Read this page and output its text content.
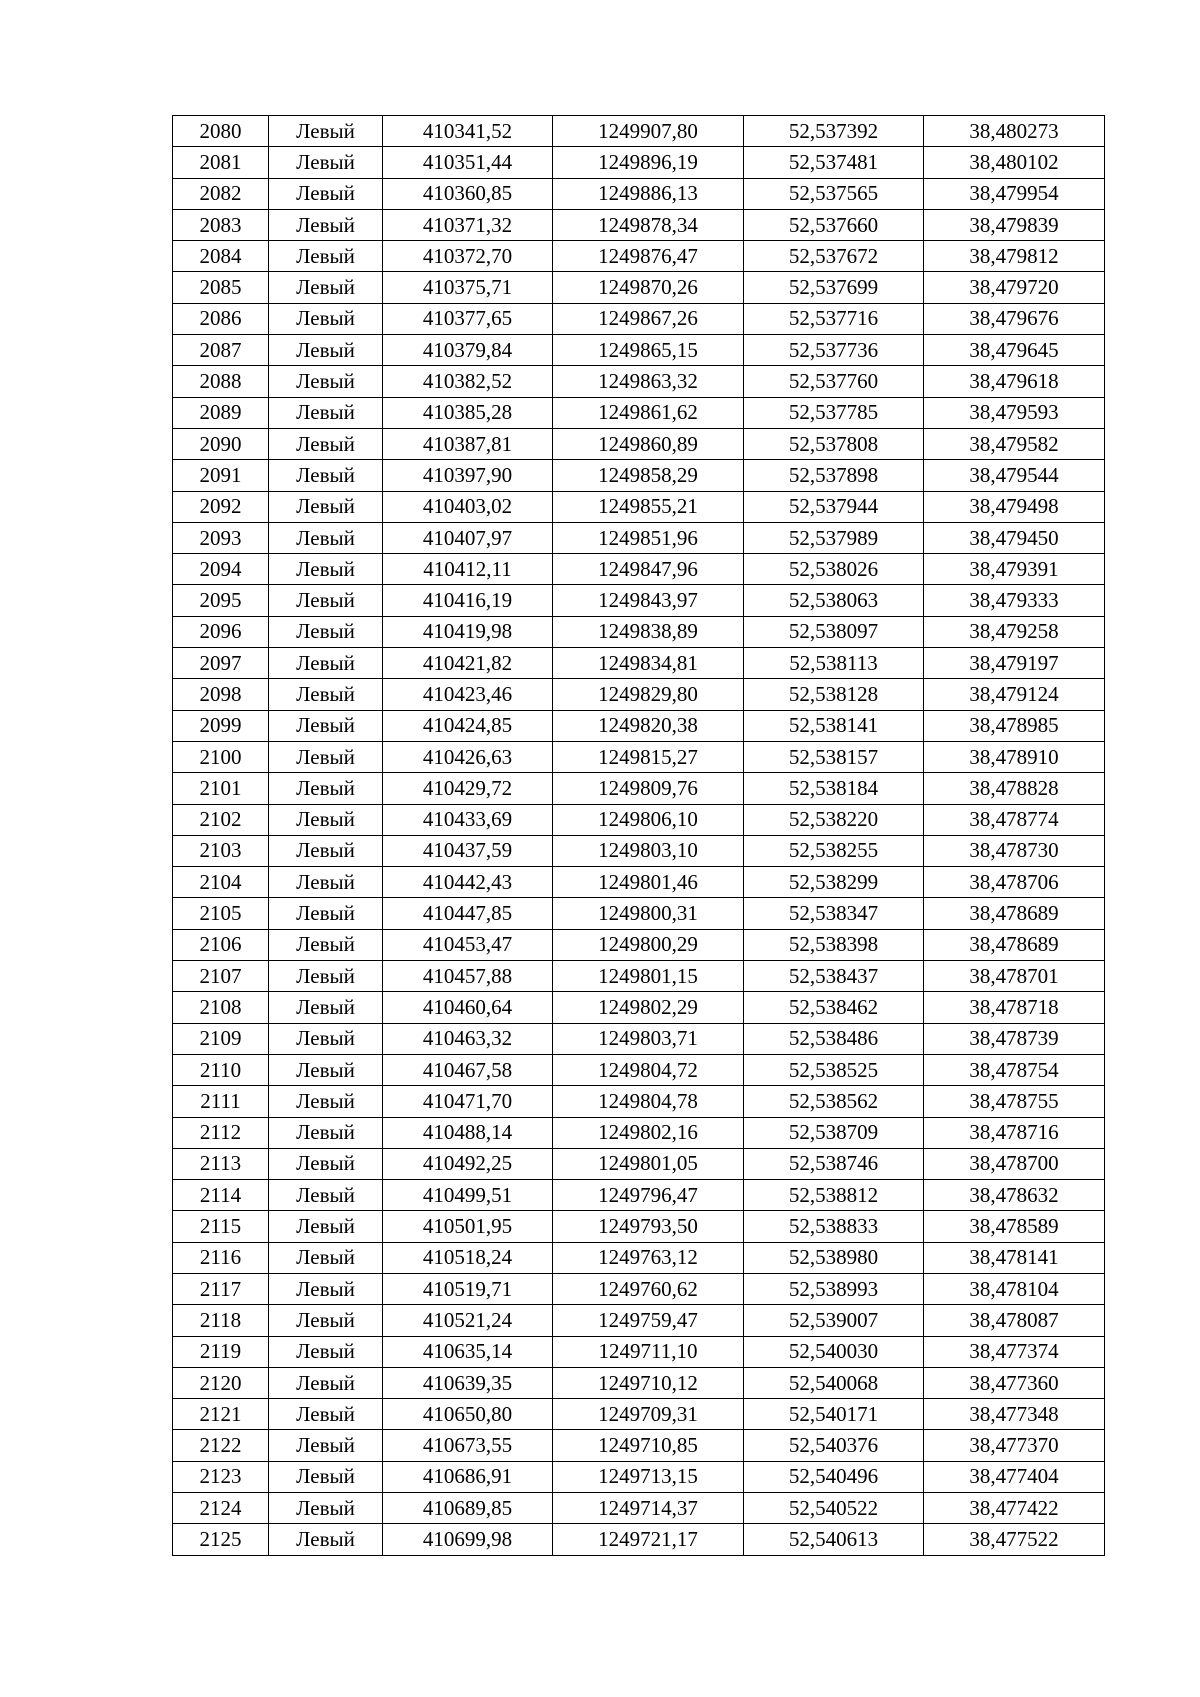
2080	Левый	410341,52	1249907,80	52,537392	38,480273
2081	Левый	410351,44	1249896,19	52,537481	38,480102
2082	Левый	410360,85	1249886,13	52,537565	38,479954
2083	Левый	410371,32	1249878,34	52,537660	38,479839
2084	Левый	410372,70	1249876,47	52,537672	38,479812
2085	Левый	410375,71	1249870,26	52,537699	38,479720
2086	Левый	410377,65	1249867,26	52,537716	38,479676
2087	Левый	410379,84	1249865,15	52,537736	38,479645
2088	Левый	410382,52	1249863,32	52,537760	38,479618
2089	Левый	410385,28	1249861,62	52,537785	38,479593
2090	Левый	410387,81	1249860,89	52,537808	38,479582
2091	Левый	410397,90	1249858,29	52,537898	38,479544
2092	Левый	410403,02	1249855,21	52,537944	38,479498
2093	Левый	410407,97	1249851,96	52,537989	38,479450
2094	Левый	410412,11	1249847,96	52,538026	38,479391
2095	Левый	410416,19	1249843,97	52,538063	38,479333
2096	Левый	410419,98	1249838,89	52,538097	38,479258
2097	Левый	410421,82	1249834,81	52,538113	38,479197
2098	Левый	410423,46	1249829,80	52,538128	38,479124
2099	Левый	410424,85	1249820,38	52,538141	38,478985
2100	Левый	410426,63	1249815,27	52,538157	38,478910
2101	Левый	410429,72	1249809,76	52,538184	38,478828
2102	Левый	410433,69	1249806,10	52,538220	38,478774
2103	Левый	410437,59	1249803,10	52,538255	38,478730
2104	Левый	410442,43	1249801,46	52,538299	38,478706
2105	Левый	410447,85	1249800,31	52,538347	38,478689
2106	Левый	410453,47	1249800,29	52,538398	38,478689
2107	Левый	410457,88	1249801,15	52,538437	38,478701
2108	Левый	410460,64	1249802,29	52,538462	38,478718
2109	Левый	410463,32	1249803,71	52,538486	38,478739
2110	Левый	410467,58	1249804,72	52,538525	38,478754
2111	Левый	410471,70	1249804,78	52,538562	38,478755
2112	Левый	410488,14	1249802,16	52,538709	38,478716
2113	Левый	410492,25	1249801,05	52,538746	38,478700
2114	Левый	410499,51	1249796,47	52,538812	38,478632
2115	Левый	410501,95	1249793,50	52,538833	38,478589
2116	Левый	410518,24	1249763,12	52,538980	38,478141
2117	Левый	410519,71	1249760,62	52,538993	38,478104
2118	Левый	410521,24	1249759,47	52,539007	38,478087
2119	Левый	410635,14	1249711,10	52,540030	38,477374
2120	Левый	410639,35	1249710,12	52,540068	38,477360
2121	Левый	410650,80	1249709,31	52,540171	38,477348
2122	Левый	410673,55	1249710,85	52,540376	38,477370
2123	Левый	410686,91	1249713,15	52,540496	38,477404
2124	Левый	410689,85	1249714,37	52,540522	38,477422
2125	Левый	410699,98	1249721,17	52,540613	38,477522
